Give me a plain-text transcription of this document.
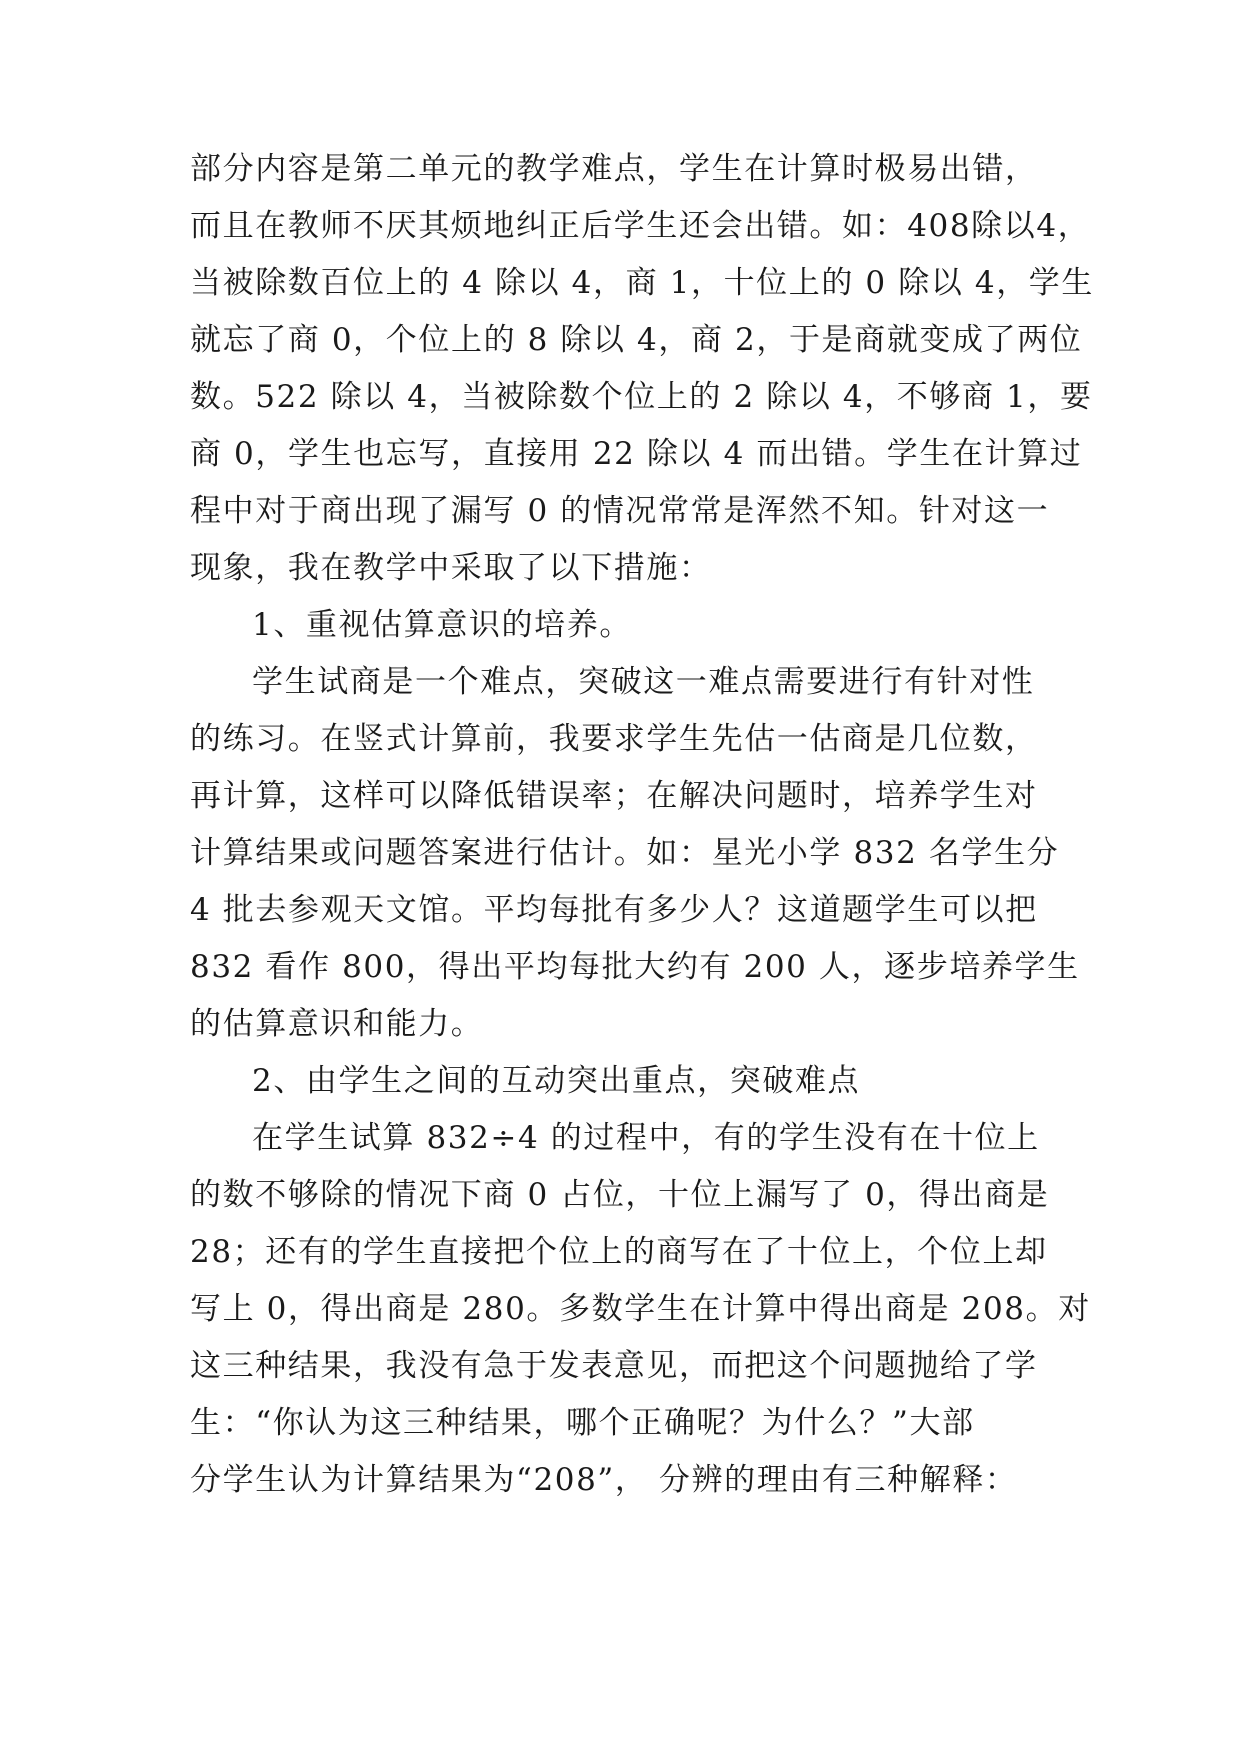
部分内容是第二单元的教学难点，学生在计算时极易出错，
而且在教师不厌其烦地纠正后学生还会出错。如：408除以4，
当被除数百位上的 4 除以 4，商 1，十位上的 0 除以 4，学生
就忘了商 0，个位上的 8 除以 4，商 2，于是商就变成了两位
数。522 除以 4，当被除数个位上的 2 除以 4，不够商 1，要
商 0，学生也忘写，直接用 22 除以 4 而出错。学生在计算过
程中对于商出现了漏写 0 的情况常常是浑然不知。针对这一
现象，我在教学中采取了以下措施：
1、重视估算意识的培养。
学生试商是一个难点，突破这一难点需要进行有针对性
的练习。在竖式计算前，我要求学生先估一估商是几位数，
再计算，这样可以降低错误率；在解决问题时，培养学生对
计算结果或问题答案进行估计。如：星光小学 832 名学生分
4 批去参观天文馆。平均每批有多少人？这道题学生可以把
832 看作 800，得出平均每批大约有 200 人，逐步培养学生
的估算意识和能力。
2、由学生之间的互动突出重点，突破难点
在学生试算 832÷4 的过程中，有的学生没有在十位上
的数不够除的情况下商 0 占位，十位上漏写了 0，得出商是
28；还有的学生直接把个位上的商写在了十位上，个位上却
写上 0，得出商是 280。多数学生在计算中得出商是 208。对
这三种结果，我没有急于发表意见，而把这个问题抛给了学
生：“你认为这三种结果，哪个正确呢？为什么？”大部
分学生认为计算结果为“208”， 分辨的理由有三种解释：
